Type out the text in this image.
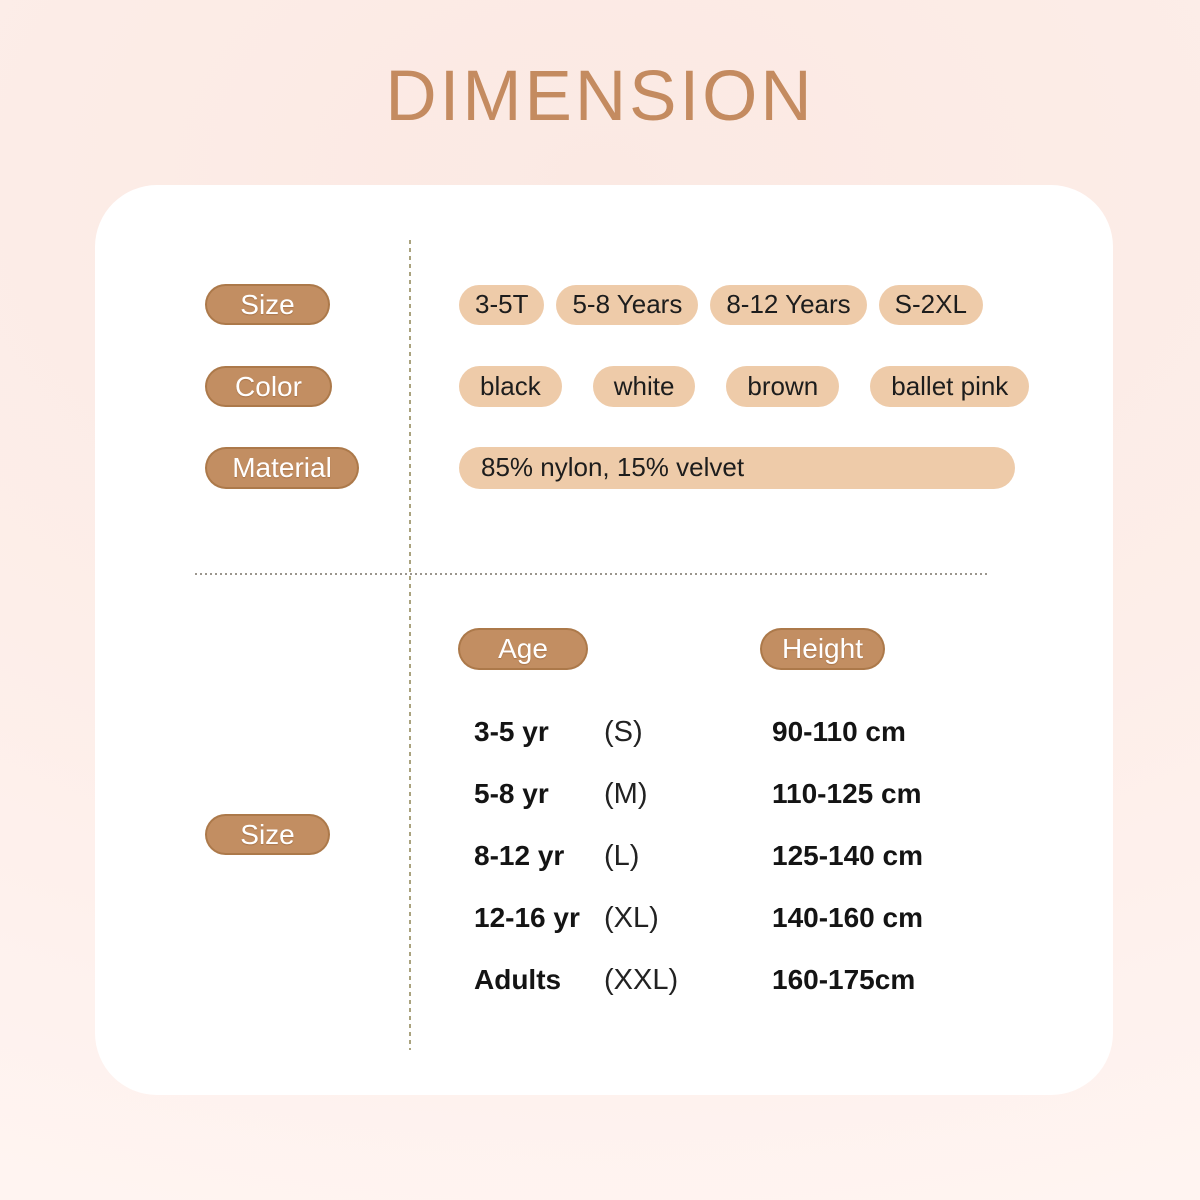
DIMENSION
Size	3-5T	5-8 Years	8-12 Years	S-2XL
Color	black	white	brown	ballet pink
Material	85% nylon, 15% velvet
Age	Height
Size
3-5 yr	(S)	90-110 cm
5-8 yr	(M)	110-125 cm
8-12 yr	(L)	125-140 cm
12-16 yr (XL)	140-160 cm
Adults	(XXL)	160-175cm
